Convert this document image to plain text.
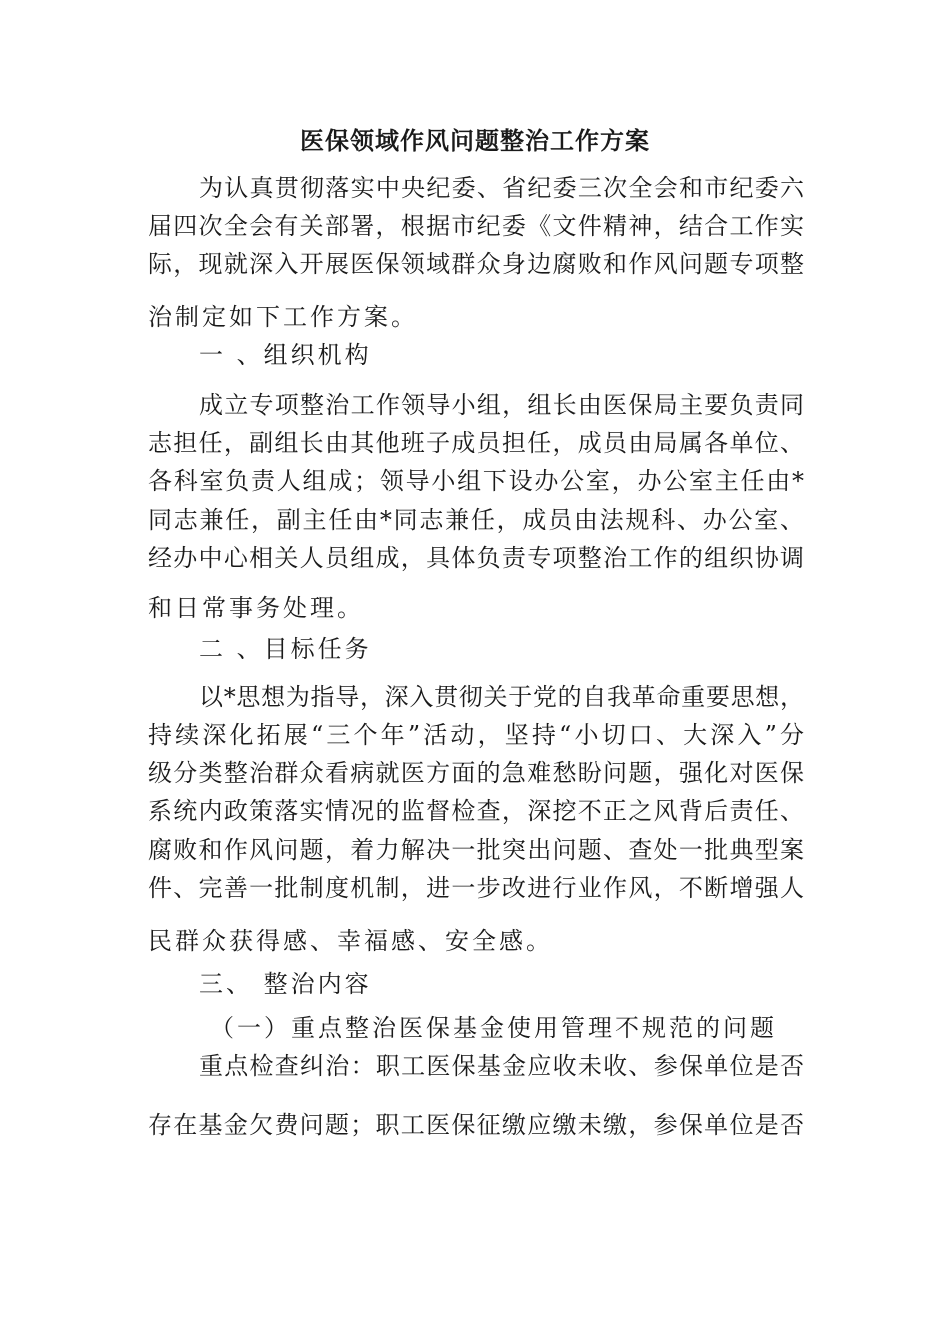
医保领域作风问题整治工作方案
为认真贯彻落实中央纪委、省纪委三次全会和市纪委六
届四次全会有关部署，根据市纪委《文件精神，结合工作实
际，现就深入开展医保领域群众身边腐败和作风问题专项整
治制定如下工作方案。
一 、组织机构
成立专项整治工作领导小组，组长由医保局主要负责同
志担任，副组长由其他班子成员担任，成员由局属各单位、
各科室负责人组成；领导小组下设办公室，办公室主任由*
同志兼任，副主任由*同志兼任，成员由法规科、办公室、
经办中心相关人员组成，具体负责专项整治工作的组织协调
和日常事务处理。
二 、目标任务
以*思想为指导，深入贯彻关于党的自我革命重要思想，
持续深化拓展“三个年”活动，坚持“小切口、大深入”分
级分类整治群众看病就医方面的急难愁盼问题，强化对医保
系统内政策落实情况的监督检查，深挖不正之风背后责任、
腐败和作风问题，着力解决一批突出问题、查处一批典型案
件、完善一批制度机制，进一步改进行业作风，不断增强人
民群众获得感、幸福感、安全感。
三、 整治内容
（一）重点整治医保基金使用管理不规范的问题
重点检查纠治：职工医保基金应收未收、参保单位是否
存在基金欠费问题；职工医保征缴应缴未缴，参保单位是否
